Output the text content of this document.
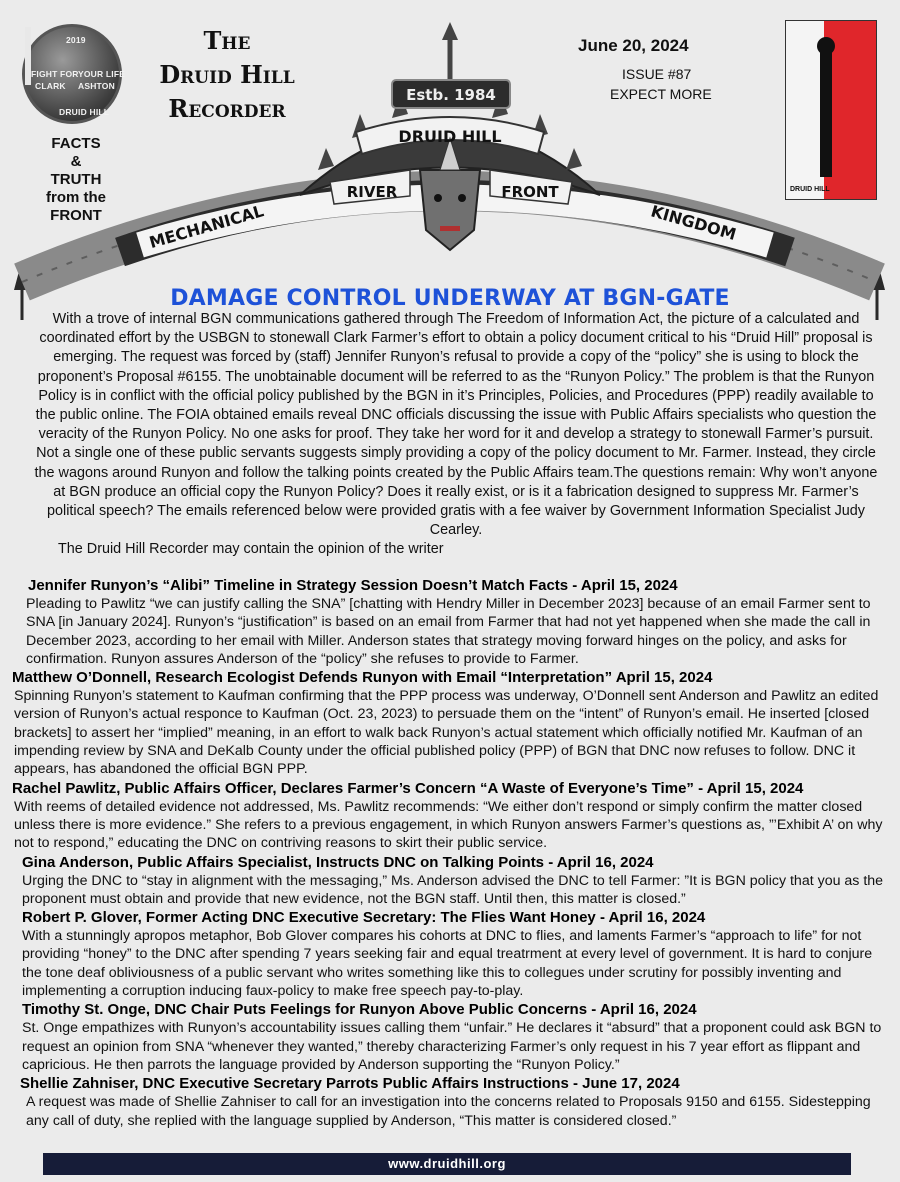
2019
FIGHT FOR YOUR LIFE
CLARK ASHTON
DRUID HILL
FACTS
&
TRUTH
from the
FRONT
Estb. 1984
DRUID HILL
RIVER	FRONT
MECHANICAL	KINGDOM
The
Druid Hill
Recorder
June 20, 2024
ISSUE #87
EXPECT MORE
DRUID HILL
DAMAGE CONTROL UNDERWAY AT BGN-GATE
With a trove of internal BGN communications gathered through The Freedom of Information Act, the picture of a calculated and coordinated effort by the USBGN to stonewall Clark Farmer’s effort to obtain a policy document critical to his “Druid Hill” proposal is emerging. The request was forced by (staff) Jennifer Runyon’s refusal to provide a copy of the “policy” she is using to block the proponent’s Proposal #6155. The unobtainable document will be referred to as the “Runyon Policy.” The problem is that the Runyon Policy is in conflict with the official policy published by the BGN in it’s Principles, Policies, and Procedures (PPP) readily available to the public online. The FOIA obtained emails reveal DNC officials discussing the issue with Public Affairs specialists who question the veracity of the Runyon Policy. No one asks for proof. They take her word for it and develop a strategy to stonewall Farmer’s pursuit. Not a single one of these public servants suggests simply providing a copy of the policy document to Mr. Farmer. Instead, they circle the wagons around Runyon and follow the talking points created by the Public Affairs team.The questions remain: Why won’t anyone at BGN produce an official copy the Runyon Policy? Does it really exist, or is it a fabrication designed to suppress Mr. Farmer’s political speech? The emails referenced below were provided gratis with a fee waiver by Government Information Specialist Judy Cearley.
The Druid Hill Recorder may contain the opinion of the writer
Jennifer Runyon’s “Alibi” Timeline in Strategy Session Doesn’t Match Facts - April 15, 2024
Pleading to Pawlitz “we can justify calling the SNA” [chatting with Hendry Miller in December 2023] because of an email Farmer sent to SNA [in January 2024]. Runyon’s “justification” is based on an email from Farmer that had not yet happened when she made the call in December 2023, according to her email with Miller. Anderson states that strategy moving forward hinges on the policy, and asks for confirmation. Runyon assures Anderson of the “policy” she refuses to provide to Farmer.
Matthew O’Donnell, Research Ecologist Defends Runyon with Email “Interpretation” April 15, 2024
Spinning Runyon’s statement to Kaufman confirming that the PPP process was underway, O’Donnell sent Anderson and Pawlitz an edited version of Runyon’s actual responce to Kaufman (Oct. 23, 2023) to persuade them on the “intent” of Runyon’s email. He inserted [closed brackets] to assert her “implied” meaning, in an effort to walk back Runyon’s actual statement which officially notified Mr. Kaufman of an impending review by SNA and DeKalb County under the official published policy (PPP) of BGN that DNC now refuses to follow. DNC it appears, has abandoned the official BGN PPP.
Rachel Pawlitz, Public Affairs Officer, Declares Farmer’s Concern “A Waste of Everyone’s Time” - April 15, 2024
With reems of detailed evidence not addressed, Ms. Pawlitz recommends: “We either don’t respond or simply confirm the matter closed unless there is more evidence.” She refers to a previous engagement, in which Runyon answers Farmer’s questions as, ”’Exhibit A’ on why not to respond,” educating the DNC on contriving reasons to skirt their public service.
Gina Anderson, Public Affairs Specialist, Instructs DNC on Talking Points - April 16, 2024
Urging the DNC to “stay in alignment with the messaging,” Ms. Anderson advised the DNC to tell Farmer: ”It is BGN policy that you as the proponent must obtain and provide that new evidence, not the BGN staff. Until then, this matter is closed.”
Robert P. Glover, Former Acting DNC Executive Secretary: The Flies Want Honey - April 16, 2024
With a stunningly apropos metaphor, Bob Glover compares his cohorts at DNC to flies, and laments Farmer’s “approach to life” for not providing “honey” to the DNC after spending 7 years seeking fair and equal treatrment at every level of government. It is hard to conjure the tone deaf obliviousness of a public servant who writes something like this to collegues under scrutiny for possibly inventing and implementing a corruption inducing faux-policy to make free speech pay-to-play.
Timothy St. Onge, DNC Chair Puts Feelings for Runyon Above Public Concerns - April 16, 2024
St. Onge empathizes with Runyon’s accountability issues calling them “unfair.” He declares it “absurd” that a proponent could ask BGN to request an opinion from SNA “whenever they wanted,” thereby characterizing Farmer’s only request in his 7 year effort as flippant and capricious. He then parrots the language provided by Anderson supporting the “Runyon Policy.”
Shellie Zahniser, DNC Executive Secretary Parrots Public Affairs Instructions - June 17, 2024
A request was made of Shellie Zahniser to call for an investigation into the concerns related to Proposals 9150 and 6155. Sidestepping any call of duty, she replied with the language supplied by Anderson, “This matter is considered closed.”
www.druidhill.org
